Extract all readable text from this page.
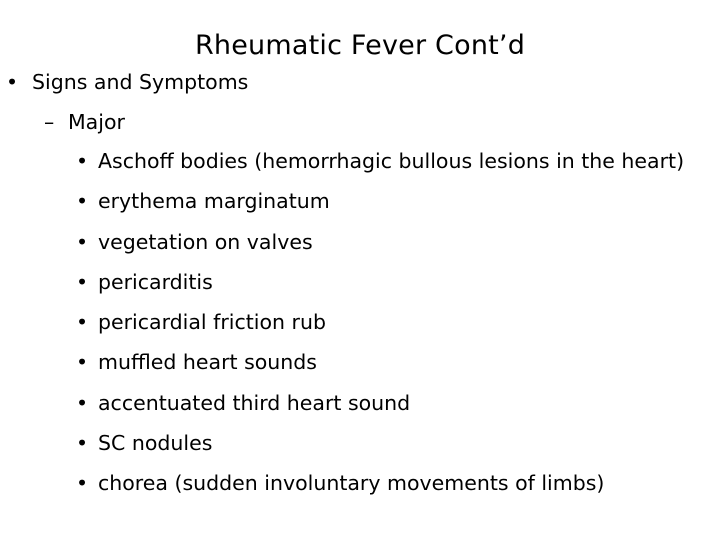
Rheumatic Fever Cont’d
• Signs and Symptoms
– Major
• Aschoff bodies (hemorrhagic bullous lesions in the heart)
• erythema marginatum
• vegetation on valves
• pericarditis
• pericardial friction rub
• muffled heart sounds
• accentuated third heart sound
• SC nodules
• chorea (sudden involuntary movements of limbs)
